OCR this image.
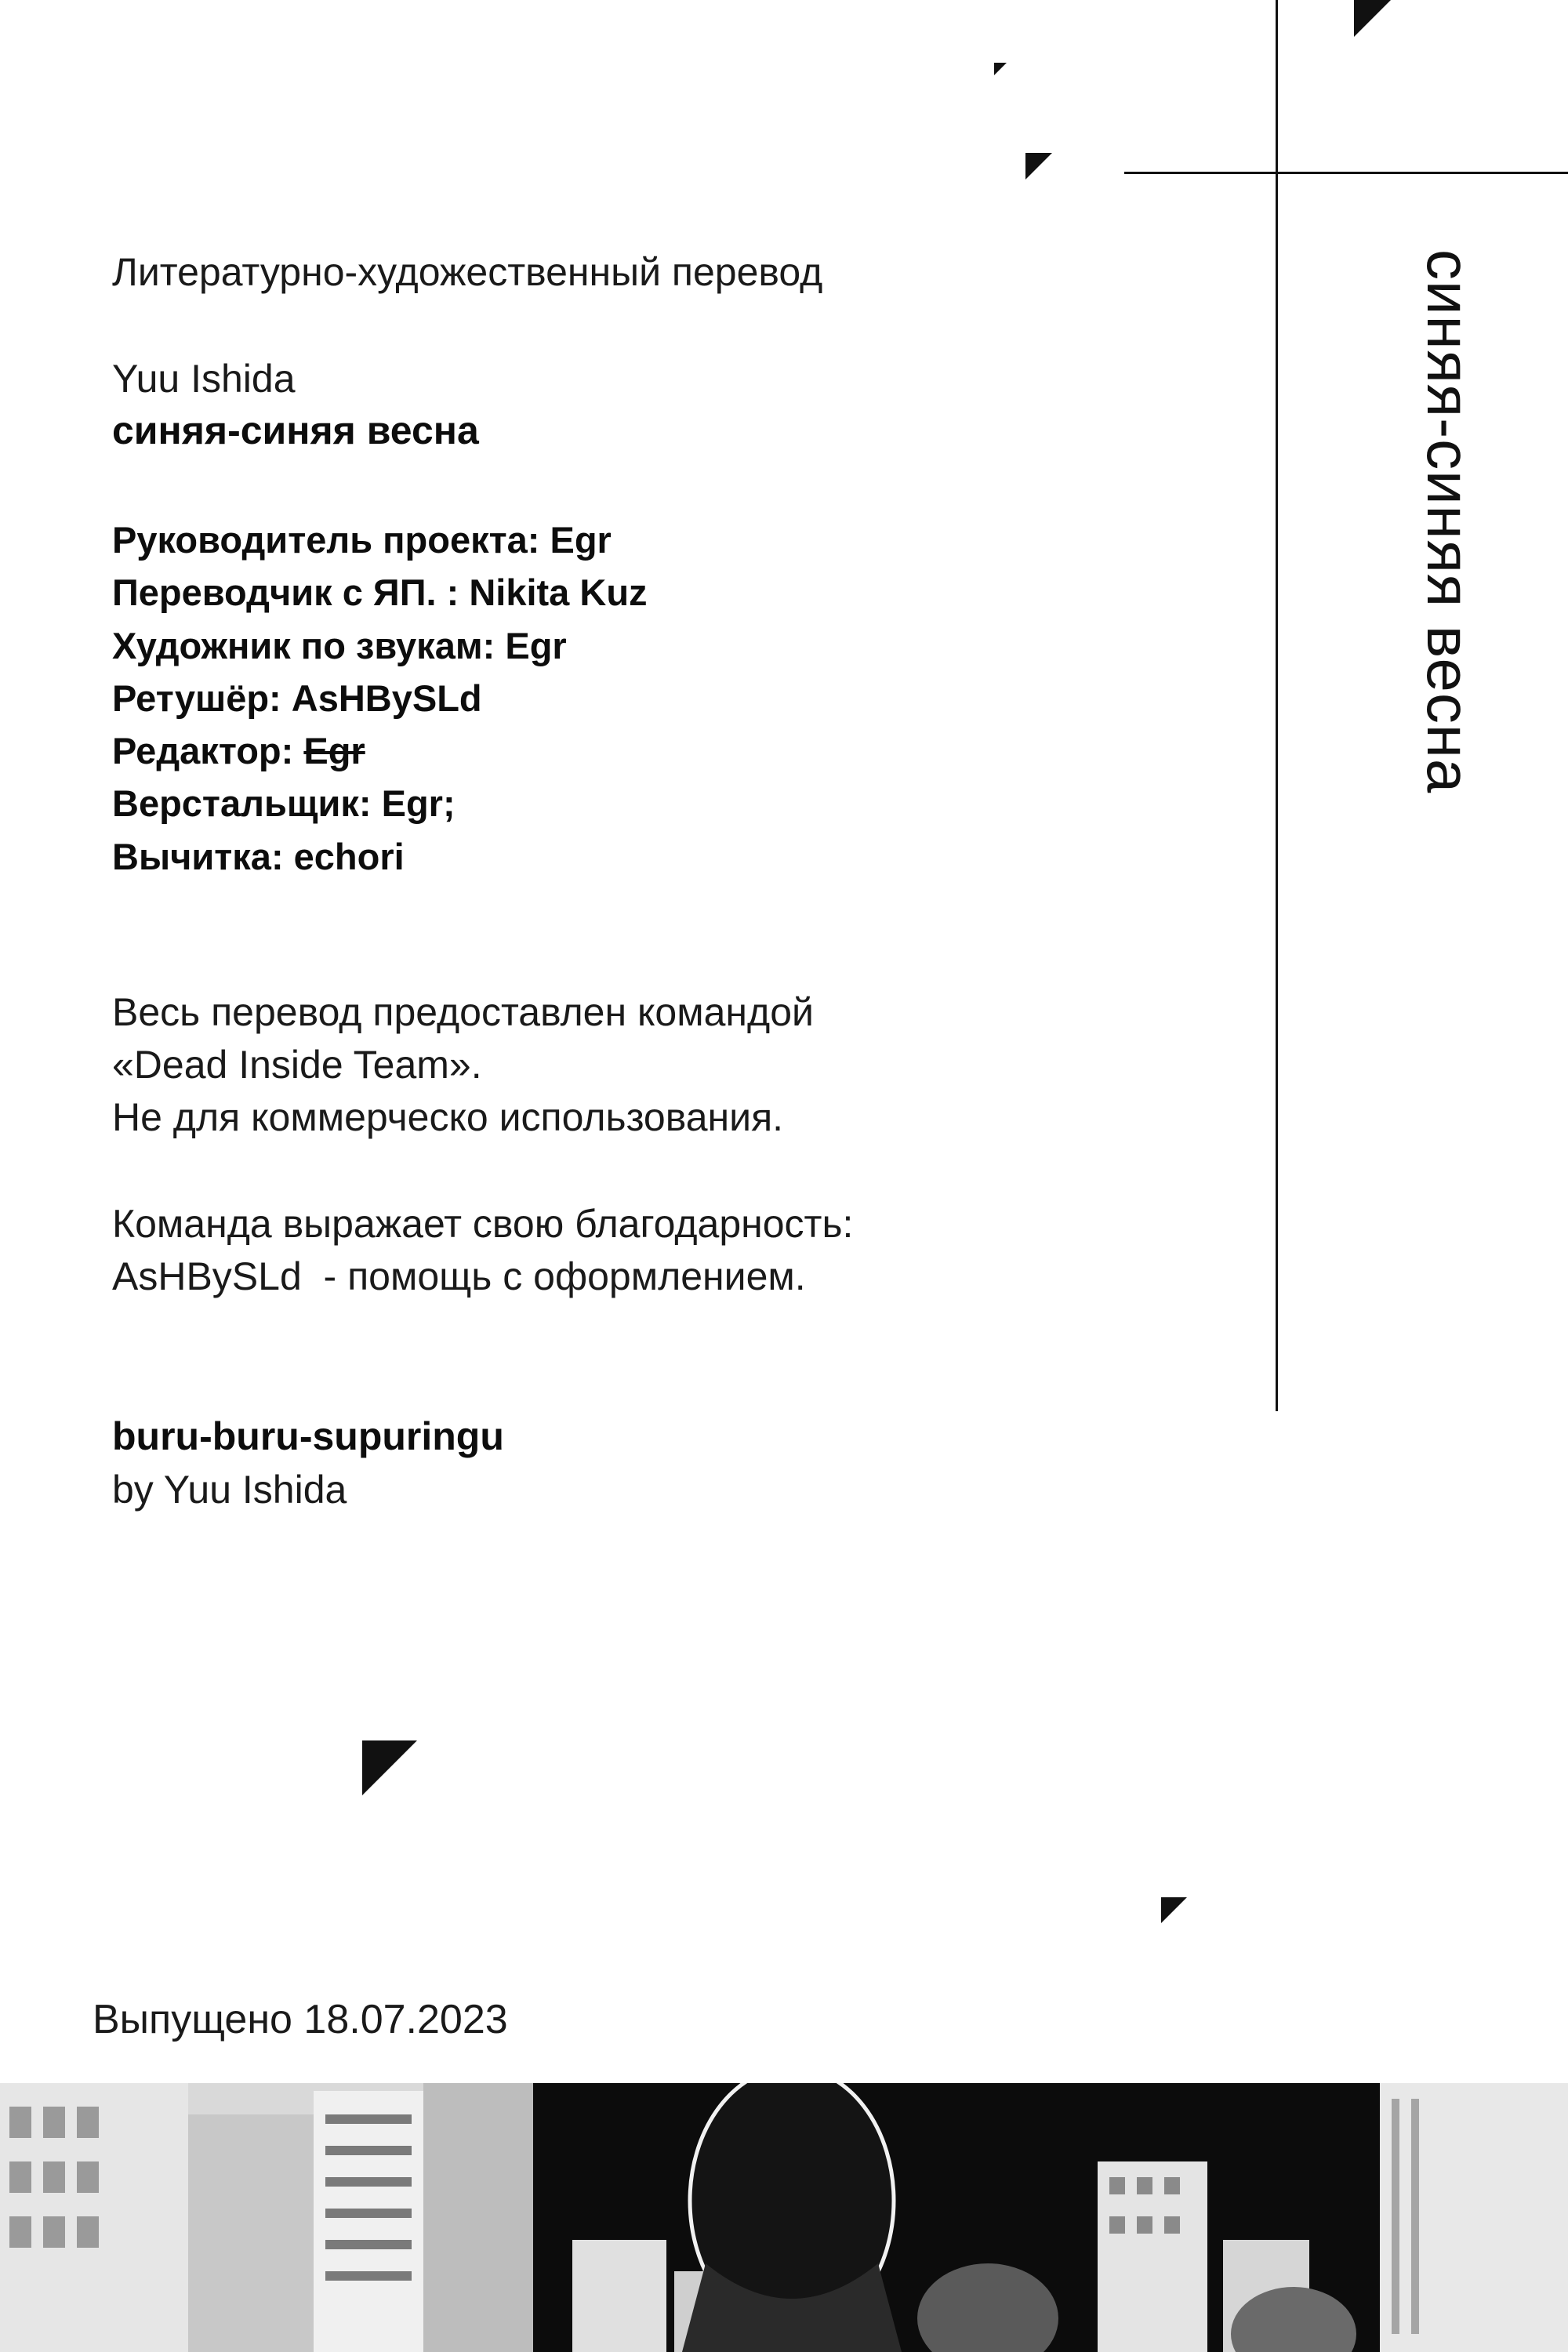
синяя-синяя весна
Литературно-художественный перевод
Yuu Ishida
синяя-синяя весна
Руководитель проекта: Egr
Переводчик с ЯП. : Nikita Kuz
Художник по звукам: Egr
Ретушёр: AsHBySLd
Редактор: Egr
Верстальщик: Egr;
Вычитка: echori
Весь перевод предоставлен командой
«Dead Inside Team».
Не для коммерческо использования.
Команда выражает свою благодарность:
AsHBySLd  - помощь с оформлением.
buru-buru-supuringu
by Yuu Ishida
Выпущено 18.07.2023
